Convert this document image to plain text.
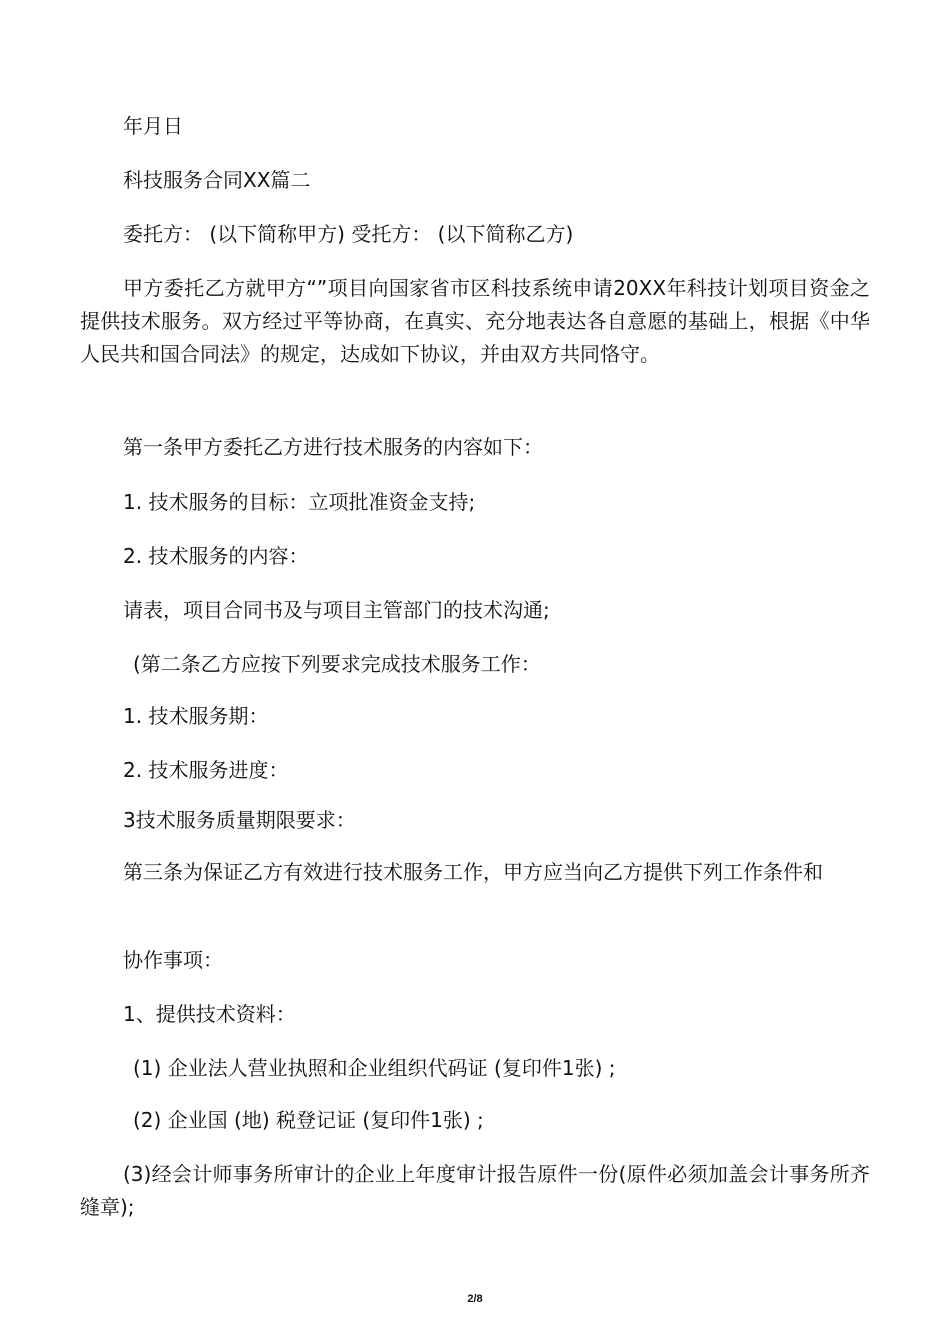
年月日
科技服务合同XX篇二
委托方： (以下简称甲方) 受托方： (以下简称乙方)
甲方委托乙方就甲方“”项目向国家省市区科技系统申请20XX年科技计划项目资金之提供技术服务。双方经过平等协商，在真实、充分地表达各自意愿的基础上，根据《中华人民共和国合同法》的规定，达成如下协议，并由双方共同恪守。
第一条甲方委托乙方进行技术服务的内容如下：
1. 技术服务的目标：立项批准资金支持;
2. 技术服务的内容：
请表，项目合同书及与项目主管部门的技术沟通;
(第二条乙方应按下列要求完成技术服务工作：
1. 技术服务期：
2. 技术服务进度：
3技术服务质量期限要求：
第三条为保证乙方有效进行技术服务工作，甲方应当向乙方提供下列工作条件和
协作事项：
1、提供技术资料：
(1) 企业法人营业执照和企业组织代码证 (复印件1张) ;
(2) 企业国 (地) 税登记证 (复印件1张) ;
(3)经会计师事务所审计的企业上年度审计报告原件一份(原件必须加盖会计事务所齐缝章);
2/8
